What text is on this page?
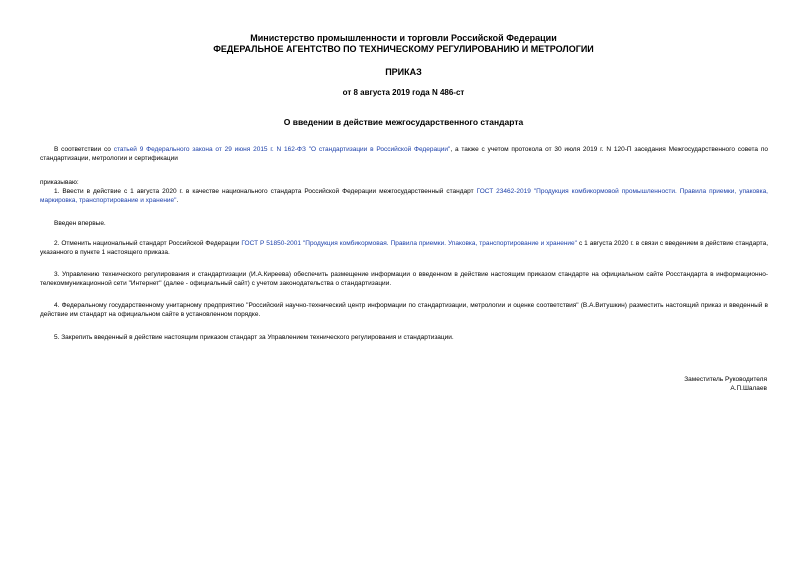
Министерство промышленности и торговли Российской Федерации
ФЕДЕРАЛЬНОЕ АГЕНТСТВО ПО ТЕХНИЧЕСКОМУ РЕГУЛИРОВАНИЮ И МЕТРОЛОГИИ
ПРИКАЗ
от 8 августа 2019 года N 486-ст
О введении в действие межгосударственного стандарта
В соответствии со статьей 9 Федерального закона от 29 июня 2015 г. N 162-ФЗ "О стандартизации в Российской Федерации", а также с учетом протокола от 30 июля 2019 г. N 120-П заседания Межгосударственного совета по стандартизации, метрологии и сертификации
приказываю:
1. Ввести в действие с 1 августа 2020 г. в качестве национального стандарта Российской Федерации межгосударственный стандарт ГОСТ 23462-2019 "Продукция комбикормовой промышленности. Правила приемки, упаковка, маркировка, транспортирование и хранение".
Введен впервые.
2. Отменить национальный стандарт Российской Федерации ГОСТ Р 51850-2001 "Продукция комбикормовая. Правила приемки. Упаковка, транспортирование и хранение" с 1 августа 2020 г. в связи с введением в действие стандарта, указанного в пункте 1 настоящего приказа.
3. Управлению технического регулирования и стандартизации (И.А.Киреева) обеспечить размещение информации о введенном в действие настоящим приказом стандарте на официальном сайте Росстандарта в информационно-телекоммуникационной сети "Интернет" (далее - официальный сайт) с учетом законодательства о стандартизации.
4. Федеральному государственному унитарному предприятию "Российский научно-технический центр информации по стандартизации, метрологии и оценке соответствия" (В.А.Витушкин) разместить настоящий приказ и введенный в действие им стандарт на официальном сайте в установленном порядке.
5. Закрепить введенный в действие настоящим приказом стандарт за Управлением технического регулирования и стандартизации.
Заместитель Руководителя
А.П.Шалаев
